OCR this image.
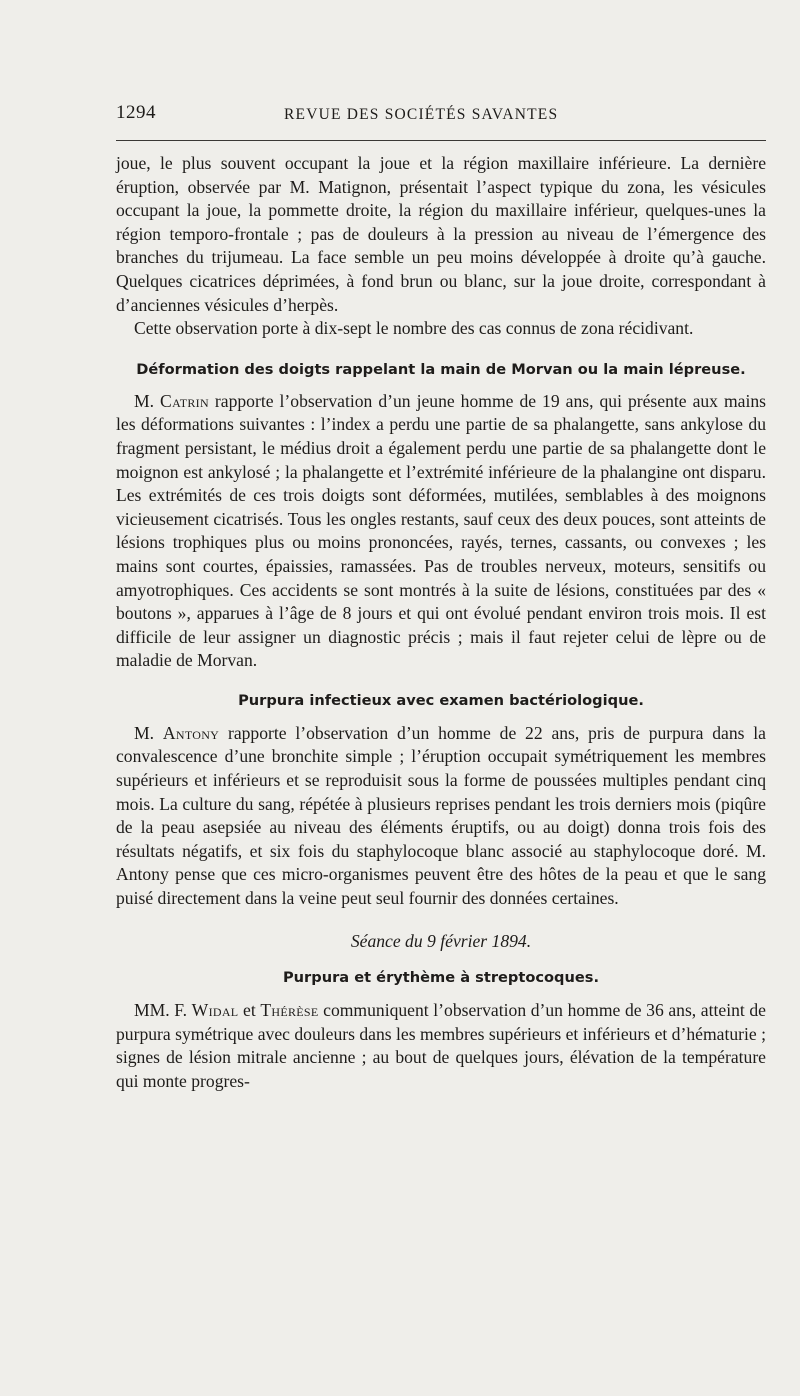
1294	REVUE DES SOCIÉTÉS SAVANTES

joue, le plus souvent occupant la joue et la région maxillaire inférieure. La dernière éruption, observée par M. Matignon, présentait l’aspect typique du zona, les vésicules occupant la joue, la pommette droite, la région du maxillaire inférieur, quelques-unes la région temporo-frontale ; pas de douleurs à la pression au niveau de l’émergence des branches du trijumeau. La face semble un peu moins développée à droite qu’à gauche. Quelques cicatrices déprimées, à fond brun ou blanc, sur la joue droite, correspondant à d’anciennes vésicules d’herpès.

Cette observation porte à dix-sept le nombre des cas connus de zona récidivant.

Déformation des doigts rappelant la main de Morvan ou la main lépreuse.

M. Catrin rapporte l’observation d’un jeune homme de 19 ans, qui présente aux mains les déformations suivantes : l’index a perdu une partie de sa phalangette, sans ankylose du fragment persistant, le médius droit a également perdu une partie de sa phalangette dont le moignon est ankylosé ; la phalangette et l’extrémité inférieure de la phalangine ont disparu. Les extrémités de ces trois doigts sont déformées, mutilées, semblables à des moignons vicieusement cicatrisés. Tous les ongles restants, sauf ceux des deux pouces, sont atteints de lésions trophiques plus ou moins prononcées, rayés, ternes, cassants, ou convexes ; les mains sont courtes, épaissies, ramassées. Pas de troubles nerveux, moteurs, sensitifs ou amyotrophiques. Ces accidents se sont montrés à la suite de lésions, constituées par des « boutons », apparues à l’âge de 8 jours et qui ont évolué pendant environ trois mois. Il est difficile de leur assigner un diagnostic précis ; mais il faut rejeter celui de lèpre ou de maladie de Morvan.

Purpura infectieux avec examen bactériologique.

M. Antony rapporte l’observation d’un homme de 22 ans, pris de purpura dans la convalescence d’une bronchite simple ; l’éruption occupait symétriquement les membres supérieurs et inférieurs et se reproduisit sous la forme de poussées multiples pendant cinq mois. La culture du sang, répétée à plusieurs reprises pendant les trois derniers mois (piqûre de la peau asepsiée au niveau des éléments éruptifs, ou au doigt) donna trois fois des résultats négatifs, et six fois du staphylocoque blanc associé au staphylocoque doré. M. Antony pense que ces micro-organismes peuvent être des hôtes de la peau et que le sang puisé directement dans la veine peut seul fournir des données certaines.

Séance du 9 février 1894.

Purpura et érythème à streptocoques.

MM. F. Widal et Thérèse communiquent l’observation d’un homme de 36 ans, atteint de purpura symétrique avec douleurs dans les membres supérieurs et inférieurs et d’hématurie ; signes de lésion mitrale ancienne ; au bout de quelques jours, élévation de la température qui monte progres-
